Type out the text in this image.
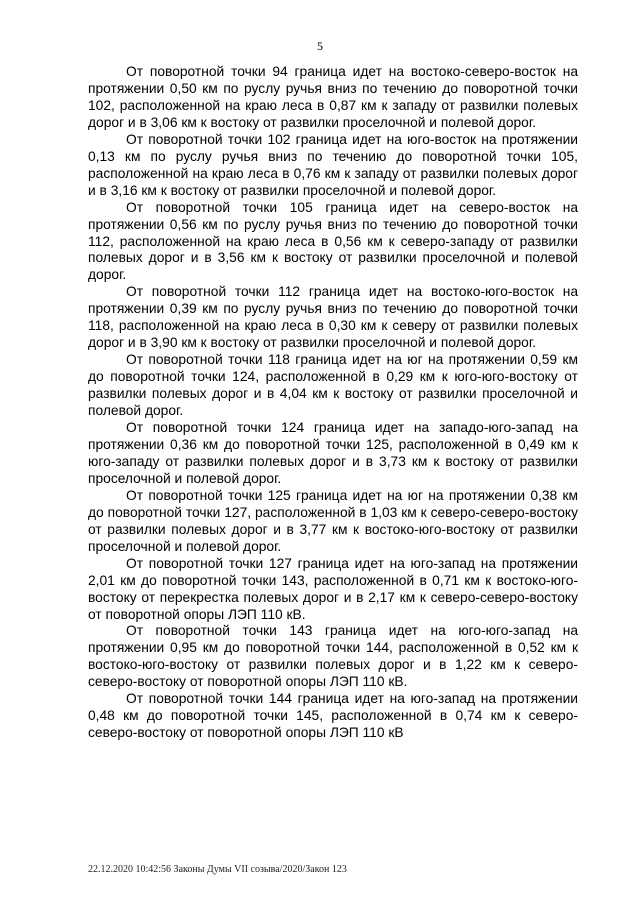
5

От поворотной точки 94 граница идет на востоко-северо-восток на протяжении 0,50 км по руслу ручья вниз по течению до поворотной точки 102, расположенной на краю леса в 0,87 км к западу от развилки полевых дорог и в 3,06 км к востоку от развилки проселочной и полевой дорог.

От поворотной точки 102 граница идет на юго-восток на протяжении 0,13 км по руслу ручья вниз по течению до поворотной точки 105, расположенной на краю леса в 0,76 км к западу от развилки полевых дорог и в 3,16 км к востоку от развилки проселочной и полевой дорог.

От поворотной точки 105 граница идет на северо-восток на протяжении 0,56 км по руслу ручья вниз по течению до поворотной точки 112, расположенной на краю леса в 0,56 км к северо-западу от развилки полевых дорог и в 3,56 км к востоку от развилки проселочной и полевой дорог.

От поворотной точки 112 граница идет на востоко-юго-восток на протяжении 0,39 км по руслу ручья вниз по течению до поворотной точки 118, расположенной на краю леса в 0,30 км к северу от развилки полевых дорог и в 3,90 км к востоку от развилки проселочной и полевой дорог.

От поворотной точки 118 граница идет на юг на протяжении 0,59 км до поворотной точки 124, расположенной в 0,29 км к юго-юго-востоку от развилки полевых дорог и в 4,04 км к востоку от развилки проселочной и полевой дорог.

От поворотной точки 124 граница идет на западо-юго-запад на протяжении 0,36 км до поворотной точки 125, расположенной в 0,49 км к юго-западу от развилки полевых дорог и в 3,73 км к востоку от развилки проселочной и полевой дорог.

От поворотной точки 125 граница идет на юг на протяжении 0,38 км до поворотной точки 127, расположенной в 1,03 км к северо-северо-востоку от развилки полевых дорог и в 3,77 км к востоко-юго-востоку от развилки проселочной и полевой дорог.

От поворотной точки 127 граница идет на юго-запад на протяжении 2,01 км до поворотной точки 143, расположенной в 0,71 км к востоко-юго-востоку от перекрестка полевых дорог и в 2,17 км к северо-северо-востоку от поворотной опоры ЛЭП 110 кВ.

От поворотной точки 143 граница идет на юго-юго-запад на протяжении 0,95 км до поворотной точки 144, расположенной в 0,52 км к востоко-юго-востоку от развилки полевых дорог и в 1,22 км к северо-северо-востоку от поворотной опоры ЛЭП 110 кВ.

От поворотной точки 144 граница идет на юго-запад на протяжении 0,48 км до поворотной точки 145, расположенной в 0,74 км к северо-северо-востоку от поворотной опоры ЛЭП 110 кВ

22.12.2020 10:42:56 Законы Думы VII созыва/2020/Закон 123
